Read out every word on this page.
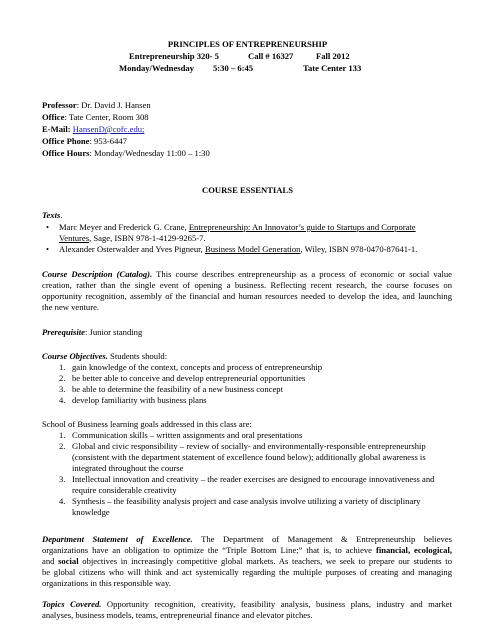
PRINCIPLES OF ENTREPRENEURSHIP
Entrepreneurship 320- 5	Call # 16327	Fall 2012
Monday/Wednesday 5:30 – 6:45	Tate Center 133
Professor: Dr. David J. Hansen
Office: Tate Center, Room 308
E-Mail: HansenD@cofc.edu;
Office Phone: 953-6447
Office Hours: Monday/Wednesday 11:00 – 1:30
COURSE ESSENTIALS
Texts.
• Marc Meyer and Frederick G. Crane, Entrepreneurship: An Innovator’s guide to Startups and Corporate
Ventures, Sage, ISBN 978-1-4129-9265-7.
• Alexander Osterwalder and Yves Pigneur, Business Model Generation, Wiley, ISBN 978-0470-87641-1.
Course Description (Catalog). This course describes entrepreneurship as a process of economic or social value
creation, rather than the single event of opening a business. Reflecting recent research, the course focuses on
opportunity recognition, assembly of the financial and human resources needed to develop the idea, and launching
the new venture.
Prerequisite: Junior standing
Course Objectives. Students should:
1. gain knowledge of the context, concepts and process of entrepreneurship
2. be better able to conceive and develop entrepreneurial opportunities
3. be able to determine the feasibility of a new business concept
4. develop familiarity with business plans
School of Business learning goals addressed in this class are:
1. Communication skills – written assignments and oral presentations
2. Global and civic responsibility – review of socially- and environmentally-responsible entrepreneurship
(consistent with the department statement of excellence found below); additionally global awareness is
integrated throughout the course
3. Intellectual innovation and creativity – the reader exercises are designed to encourage innovativeness and
require considerable creativity
4. Synthesis – the feasibility analysis project and case analysis involve utilizing a variety of disciplinary
knowledge
Department Statement of Excellence. The Department of Management & Entrepreneurship believes
organizations have an obligation to optimize the “Triple Bottom Line;” that is, to achieve financial, ecological,
and social objectives in increasingly competitive global markets. As teachers, we seek to prepare our students to
be global citizens who will think and act systemically regarding the multiple purposes of creating and managing
organizations in this responsible way.
Topics Covered. Opportunity recognition, creativity, feasibility analysis, business plans, industry and market
analyses, business models, teams, entrepreneurial finance and elevator pitches.
